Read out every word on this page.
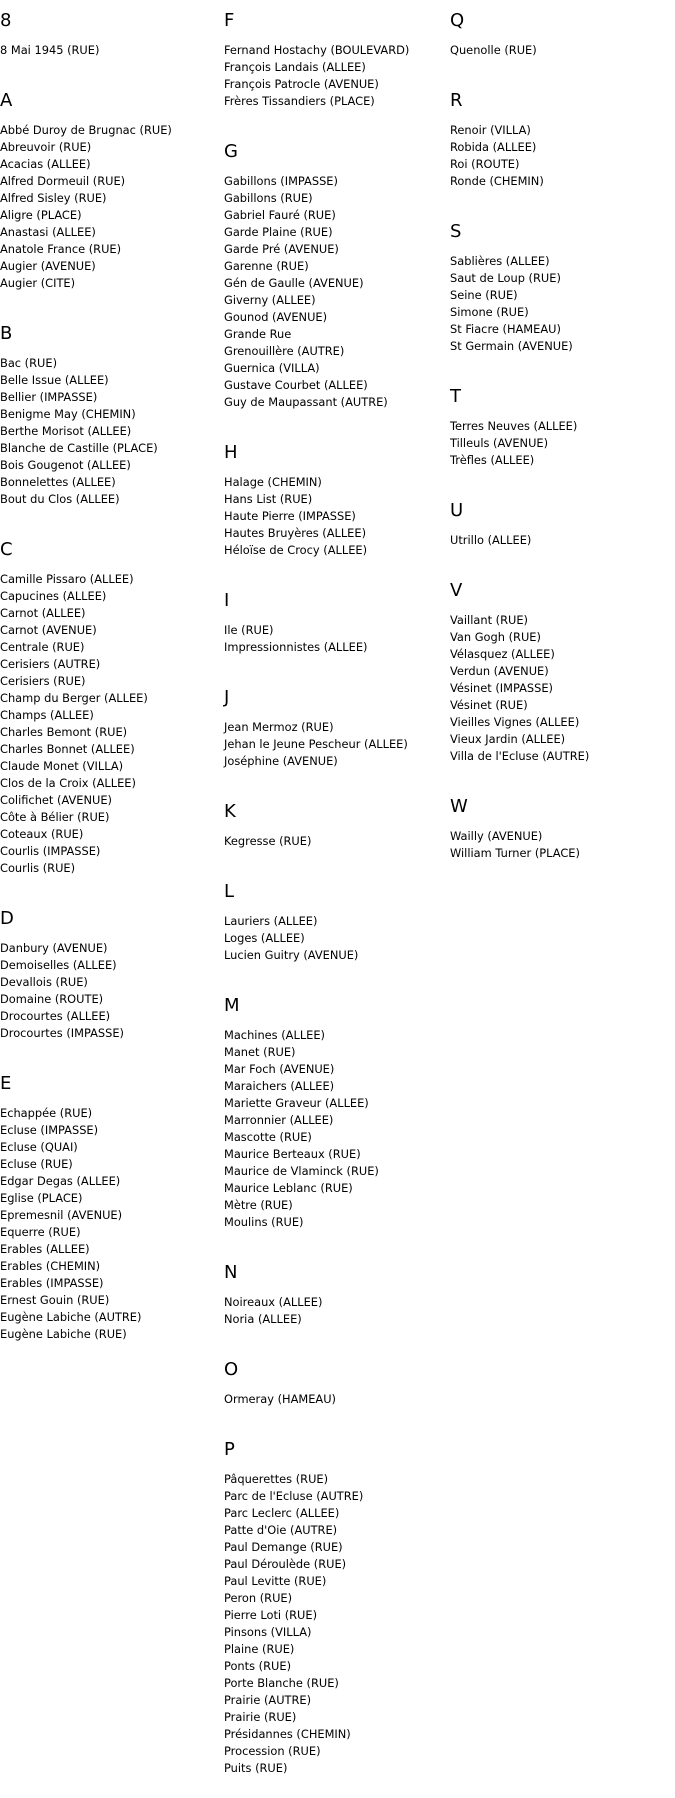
8
8 Mai 1945 (RUE)
A
Abbé Duroy de Brugnac (RUE)
Abreuvoir (RUE)
Acacias (ALLEE)
Alfred Dormeuil (RUE)
Alfred Sisley (RUE)
Aligre (PLACE)
Anastasi (ALLEE)
Anatole France (RUE)
Augier (AVENUE)
Augier (CITE)
B
Bac (RUE)
Belle Issue (ALLEE)
Bellier (IMPASSE)
Benigme May (CHEMIN)
Berthe Morisot (ALLEE)
Blanche de Castille (PLACE)
Bois Gougenot (ALLEE)
Bonnelettes (ALLEE)
Bout du Clos (ALLEE)
C
Camille Pissaro (ALLEE)
Capucines (ALLEE)
Carnot (ALLEE)
Carnot (AVENUE)
Centrale (RUE)
Cerisiers (AUTRE)
Cerisiers (RUE)
Champ du Berger (ALLEE)
Champs (ALLEE)
Charles Bemont (RUE)
Charles Bonnet (ALLEE)
Claude Monet (VILLA)
Clos de la Croix (ALLEE)
Colifichet (AVENUE)
Côte à Bélier (RUE)
Coteaux (RUE)
Courlis (IMPASSE)
Courlis (RUE)
D
Danbury (AVENUE)
Demoiselles (ALLEE)
Devallois (RUE)
Domaine (ROUTE)
Drocourtes (ALLEE)
Drocourtes (IMPASSE)
E
Echappée (RUE)
Ecluse (IMPASSE)
Ecluse (QUAI)
Ecluse (RUE)
Edgar Degas (ALLEE)
Eglise (PLACE)
Epremesnil (AVENUE)
Equerre (RUE)
Erables (ALLEE)
Erables (CHEMIN)
Erables (IMPASSE)
Ernest Gouin (RUE)
Eugène Labiche (AUTRE)
Eugène Labiche (RUE)
F
Fernand Hostachy (BOULEVARD)
François Landais (ALLEE)
François Patrocle (AVENUE)
Frères Tissandiers (PLACE)
G
Gabillons (IMPASSE)
Gabillons (RUE)
Gabriel Fauré (RUE)
Garde Plaine (RUE)
Garde Pré (AVENUE)
Garenne (RUE)
Gén de Gaulle (AVENUE)
Giverny (ALLEE)
Gounod (AVENUE)
Grande Rue
Grenouillère (AUTRE)
Guernica (VILLA)
Gustave Courbet (ALLEE)
Guy de Maupassant (AUTRE)
H
Halage (CHEMIN)
Hans List (RUE)
Haute Pierre (IMPASSE)
Hautes Bruyères (ALLEE)
Héloïse de Crocy (ALLEE)
I
Ile (RUE)
Impressionnistes (ALLEE)
J
Jean Mermoz (RUE)
Jehan le Jeune Pescheur (ALLEE)
Joséphine (AVENUE)
K
Kegresse (RUE)
L
Lauriers (ALLEE)
Loges (ALLEE)
Lucien Guitry (AVENUE)
M
Machines (ALLEE)
Manet (RUE)
Mar Foch (AVENUE)
Maraichers (ALLEE)
Mariette Graveur (ALLEE)
Marronnier (ALLEE)
Mascotte (RUE)
Maurice Berteaux (RUE)
Maurice de Vlaminck (RUE)
Maurice Leblanc (RUE)
Mètre (RUE)
Moulins (RUE)
N
Noireaux (ALLEE)
Noria (ALLEE)
O
Ormeray (HAMEAU)
P
Pâquerettes (RUE)
Parc de l'Ecluse (AUTRE)
Parc Leclerc (ALLEE)
Patte d'Oie (AUTRE)
Paul Demange (RUE)
Paul Déroulède (RUE)
Paul Levitte (RUE)
Peron (RUE)
Pierre Loti (RUE)
Pinsons (VILLA)
Plaine (RUE)
Ponts (RUE)
Porte Blanche (RUE)
Prairie (AUTRE)
Prairie (RUE)
Présidannes (CHEMIN)
Procession (RUE)
Puits (RUE)
Q
Quenolle (RUE)
R
Renoir (VILLA)
Robida (ALLEE)
Roi (ROUTE)
Ronde (CHEMIN)
S
Sablières (ALLEE)
Saut de Loup (RUE)
Seine (RUE)
Simone (RUE)
St Fiacre (HAMEAU)
St Germain (AVENUE)
T
Terres Neuves (ALLEE)
Tilleuls (AVENUE)
Trèfles (ALLEE)
U
Utrillo (ALLEE)
V
Vaillant (RUE)
Van Gogh (RUE)
Vélasquez (ALLEE)
Verdun (AVENUE)
Vésinet (IMPASSE)
Vésinet (RUE)
Vieilles Vignes (ALLEE)
Vieux Jardin (ALLEE)
Villa de l'Ecluse (AUTRE)
W
Wailly (AVENUE)
William Turner (PLACE)
